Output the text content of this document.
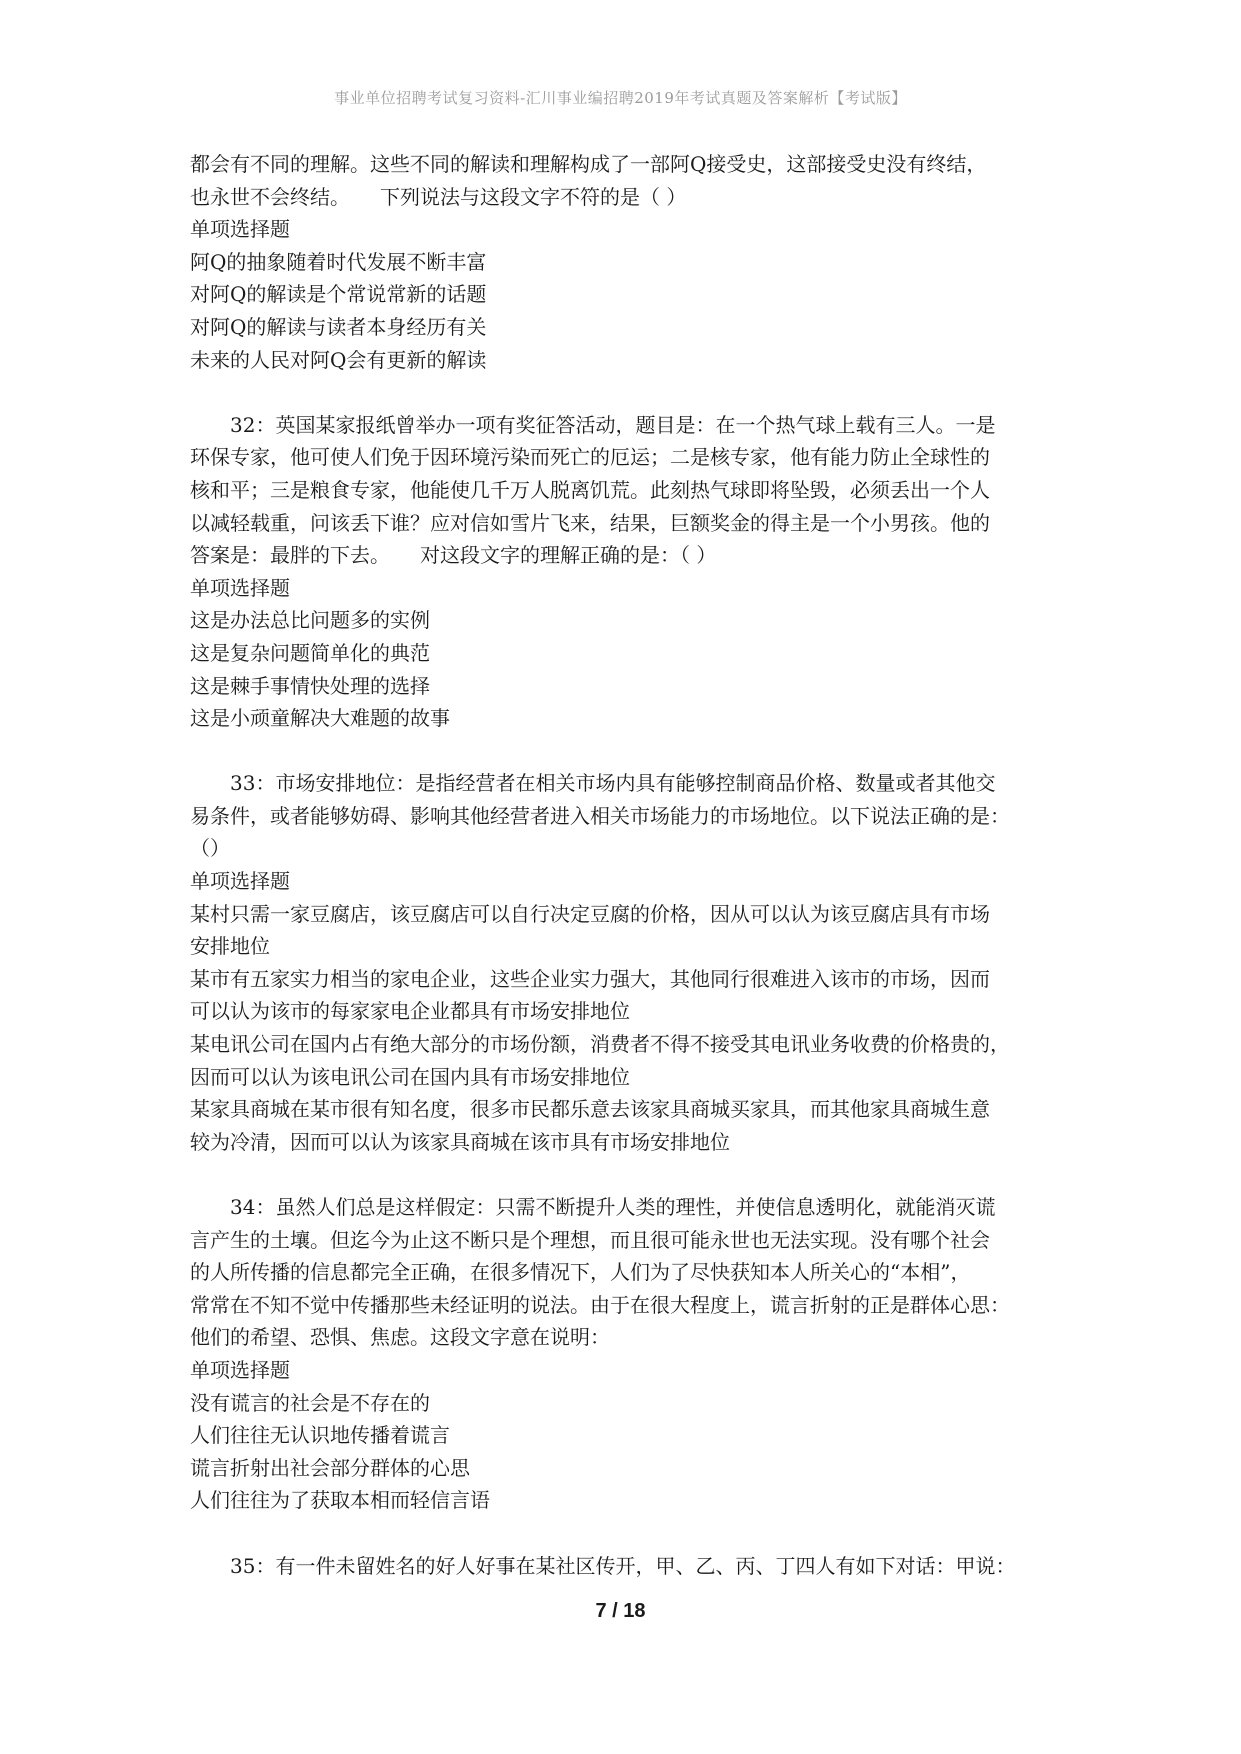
事业单位招聘考试复习资料-汇川事业编招聘2019年考试真题及答案解析【考试版】
都会有不同的理解。这些不同的解读和理解构成了一部阿Q接受史，这部接受史没有终结，
也永世不会终结。　　下列说法与这段文字不符的是（ ）
单项选择题
阿Q的抽象随着时代发展不断丰富
对阿Q的解读是个常说常新的话题
对阿Q的解读与读者本身经历有关
未来的人民对阿Q会有更新的解读
32：英国某家报纸曾举办一项有奖征答活动，题目是：在一个热气球上载有三人。一是
环保专家，他可使人们免于因环境污染而死亡的厄运；二是核专家，他有能力防止全球性的
核和平；三是粮食专家，他能使几千万人脱离饥荒。此刻热气球即将坠毁，必须丢出一个人
以减轻载重，问该丢下谁？应对信如雪片飞来，结果，巨额奖金的得主是一个小男孩。他的
答案是：最胖的下去。　　对这段文字的理解正确的是：（ ）
单项选择题
这是办法总比问题多的实例
这是复杂问题简单化的典范
这是棘手事情快处理的选择
这是小顽童解决大难题的故事
33：市场安排地位：是指经营者在相关市场内具有能够控制商品价格、数量或者其他交
易条件，或者能够妨碍、影响其他经营者进入相关市场能力的市场地位。以下说法正确的是：
（）
单项选择题
某村只需一家豆腐店，该豆腐店可以自行决定豆腐的价格，因从可以认为该豆腐店具有市场
安排地位
某市有五家实力相当的家电企业，这些企业实力强大，其他同行很难进入该市的市场，因而
可以认为该市的每家家电企业都具有市场安排地位
某电讯公司在国内占有绝大部分的市场份额，消费者不得不接受其电讯业务收费的价格贵的，
因而可以认为该电讯公司在国内具有市场安排地位
某家具商城在某市很有知名度，很多市民都乐意去该家具商城买家具，而其他家具商城生意
较为冷清，因而可以认为该家具商城在该市具有市场安排地位
34：虽然人们总是这样假定：只需不断提升人类的理性，并使信息透明化，就能消灭谎
言产生的土壤。但迄今为止这不断只是个理想，而且很可能永世也无法实现。没有哪个社会
的人所传播的信息都完全正确，在很多情况下，人们为了尽快获知本人所关心的“本相”，
常常在不知不觉中传播那些未经证明的说法。由于在很大程度上，谎言折射的正是群体心思：
他们的希望、恐惧、焦虑。这段文字意在说明：
单项选择题
没有谎言的社会是不存在的
人们往往无认识地传播着谎言
谎言折射出社会部分群体的心思
人们往往为了获取本相而轻信言语
35：有一件未留姓名的好人好事在某社区传开，甲、乙、丙、丁四人有如下对话：甲说：
7 / 18
